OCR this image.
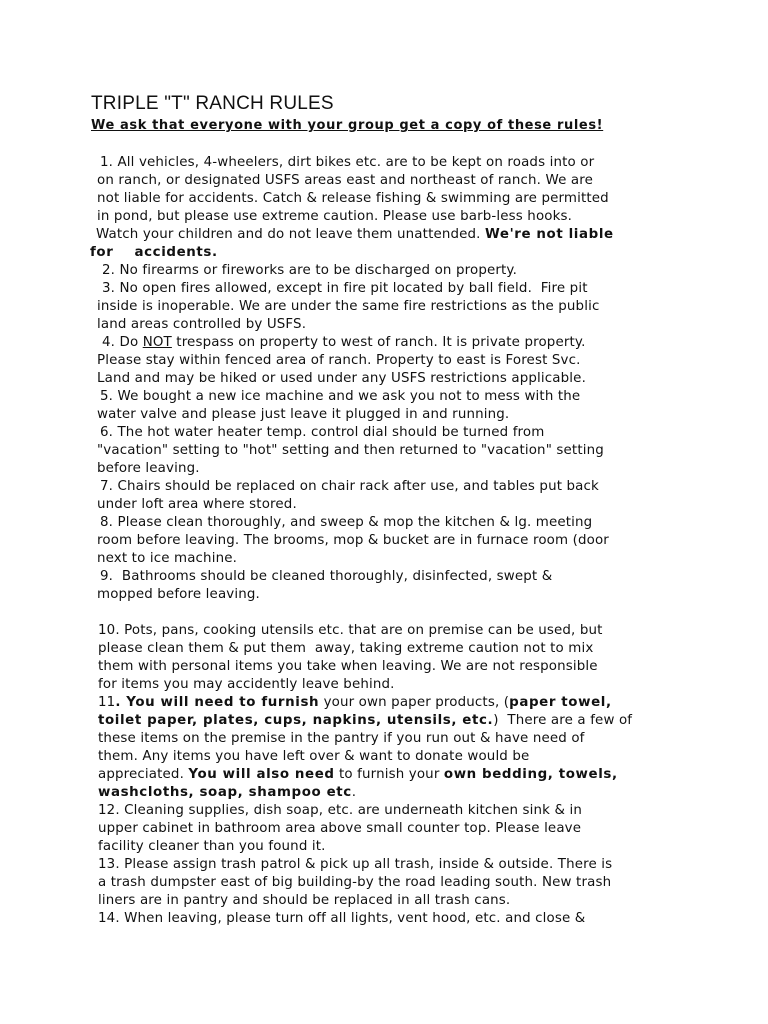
TRIPLE "T" RANCH RULES
We ask that everyone with your group get a copy of these rules!
1. All vehicles, 4-wheelers, dirt bikes etc. are to be kept on roads into or
on ranch, or designated USFS areas east and northeast of ranch. We are
not liable for accidents. Catch & release fishing & swimming are permitted
in pond, but please use extreme caution. Please use barb-less hooks.
Watch your children and do not leave them unattended. We're not liable
for    accidents.
2. No firearms or fireworks are to be discharged on property.
3. No open fires allowed, except in fire pit located by ball field.  Fire pit
inside is inoperable. We are under the same fire restrictions as the public
land areas controlled by USFS.
4. Do NOT trespass on property to west of ranch. It is private property.
Please stay within fenced area of ranch. Property to east is Forest Svc.
Land and may be hiked or used under any USFS restrictions applicable.
5. We bought a new ice machine and we ask you not to mess with the
water valve and please just leave it plugged in and running.
6. The hot water heater temp. control dial should be turned from
"vacation" setting to "hot" setting and then returned to "vacation" setting
before leaving.
7. Chairs should be replaced on chair rack after use, and tables put back
under loft area where stored.
8. Please clean thoroughly, and sweep & mop the kitchen & lg. meeting
room before leaving. The brooms, mop & bucket are in furnace room (door
next to ice machine.
9.  Bathrooms should be cleaned thoroughly, disinfected, swept &
mopped before leaving.
10. Pots, pans, cooking utensils etc. that are on premise can be used, but
please clean them & put them  away, taking extreme caution not to mix
them with personal items you take when leaving. We are not responsible
for items you may accidently leave behind.
11. You will need to furnish your own paper products, (paper towel,
toilet paper, plates, cups, napkins, utensils, etc.)  There are a few of
these items on the premise in the pantry if you run out & have need of
them. Any items you have left over & want to donate would be
appreciated. You will also need to furnish your own bedding, towels,
washcloths, soap, shampoo etc.
12. Cleaning supplies, dish soap, etc. are underneath kitchen sink & in
upper cabinet in bathroom area above small counter top. Please leave
facility cleaner than you found it.
13. Please assign trash patrol & pick up all trash, inside & outside. There is
a trash dumpster east of big building-by the road leading south. New trash
liners are in pantry and should be replaced in all trash cans.
14. When leaving, please turn off all lights, vent hood, etc. and close &
